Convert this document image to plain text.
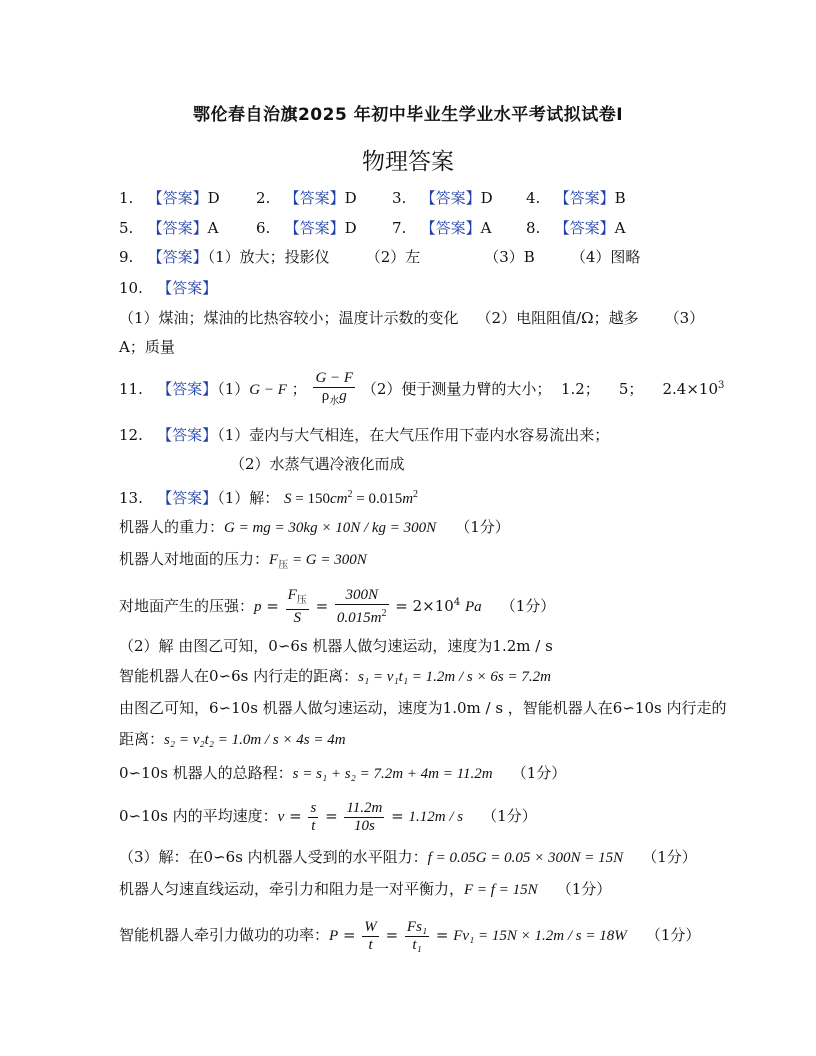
鄂伦春自治旗2025 年初中毕业生学业水平考试拟试卷Ⅰ
物理答案
1. 【答案】D 2. 【答案】D 3. 【答案】D 4. 【答案】B
5. 【答案】A	6. 【答案】D 7. 【答案】A 8. 【答案】A
9. 【答案】（1）放大；投影仪 （2）左	（3）B （4）图略
10. 【答案】
（1）煤油；煤油的比热容较小；温度计示数的变化 （2）电阻阻值/Ω；越多 （3）
A；质量
11. 【答案】（1）G − F ； $\frac{G - F}{\rho_水g} (2)$便于测量力臂的大小； 1.2； 5； $2.4\times 10^3$
12. 【答案】（1）壶内与大气相连，在大气压作用下壶内水容易流出来；
（2）水蒸气遇冷液化而成
13. 【答案】（1）解： $S = 150cm^2 = 0.015m^2$
机器人的重力：G = mg = 30kg × 10N / kg = 300N （1分）
机器人对地面的压力：$F_压 = G = 300N$
对地面产生的压强：$p = \frac{F_压}{S} = \frac{300N}{0.015m^2} = 2\times 10^4$ Pa （1分）
（2）解 由图乙可知，0∽6s 机器人做匀速运动，速度为1.2m / s
智能机器人在0∽6s 内行走的距离：s₁ = v₁t₁ = 1.2m / s × 6s = 7.2m
由图乙可知，6∽10s 机器人做匀速运动，速度为1.0m / s ，智能机器人在6∽10s 内行走的
距离：s₂ = v₂t₂ = 1.0m / s × 4s = 4m
0∽10s 机器人的总路程：s = s₁ + s₂ = 7.2m + 4m = 11.2m （1分）
0∽10s 内的平均速度：$v = \frac{s}{t} = \frac{11.2m}{10s} = 1.12m / s$ （1分）
（3）解：在0∽6s 内机器人受到的水平阻力：f = 0.05G = 0.05 × 300N = 15N （1分）
机器人匀速直线运动，牵引力和阻力是一对平衡力，F = f = 15N （1分）
智能机器人牵引力做功的功率：$P = \frac{W}{t} = \frac{\text{Fs₁}}{\text{t₁}} = Fv_1 = 15N \times 1.2m / s = 18W$ （1分）
